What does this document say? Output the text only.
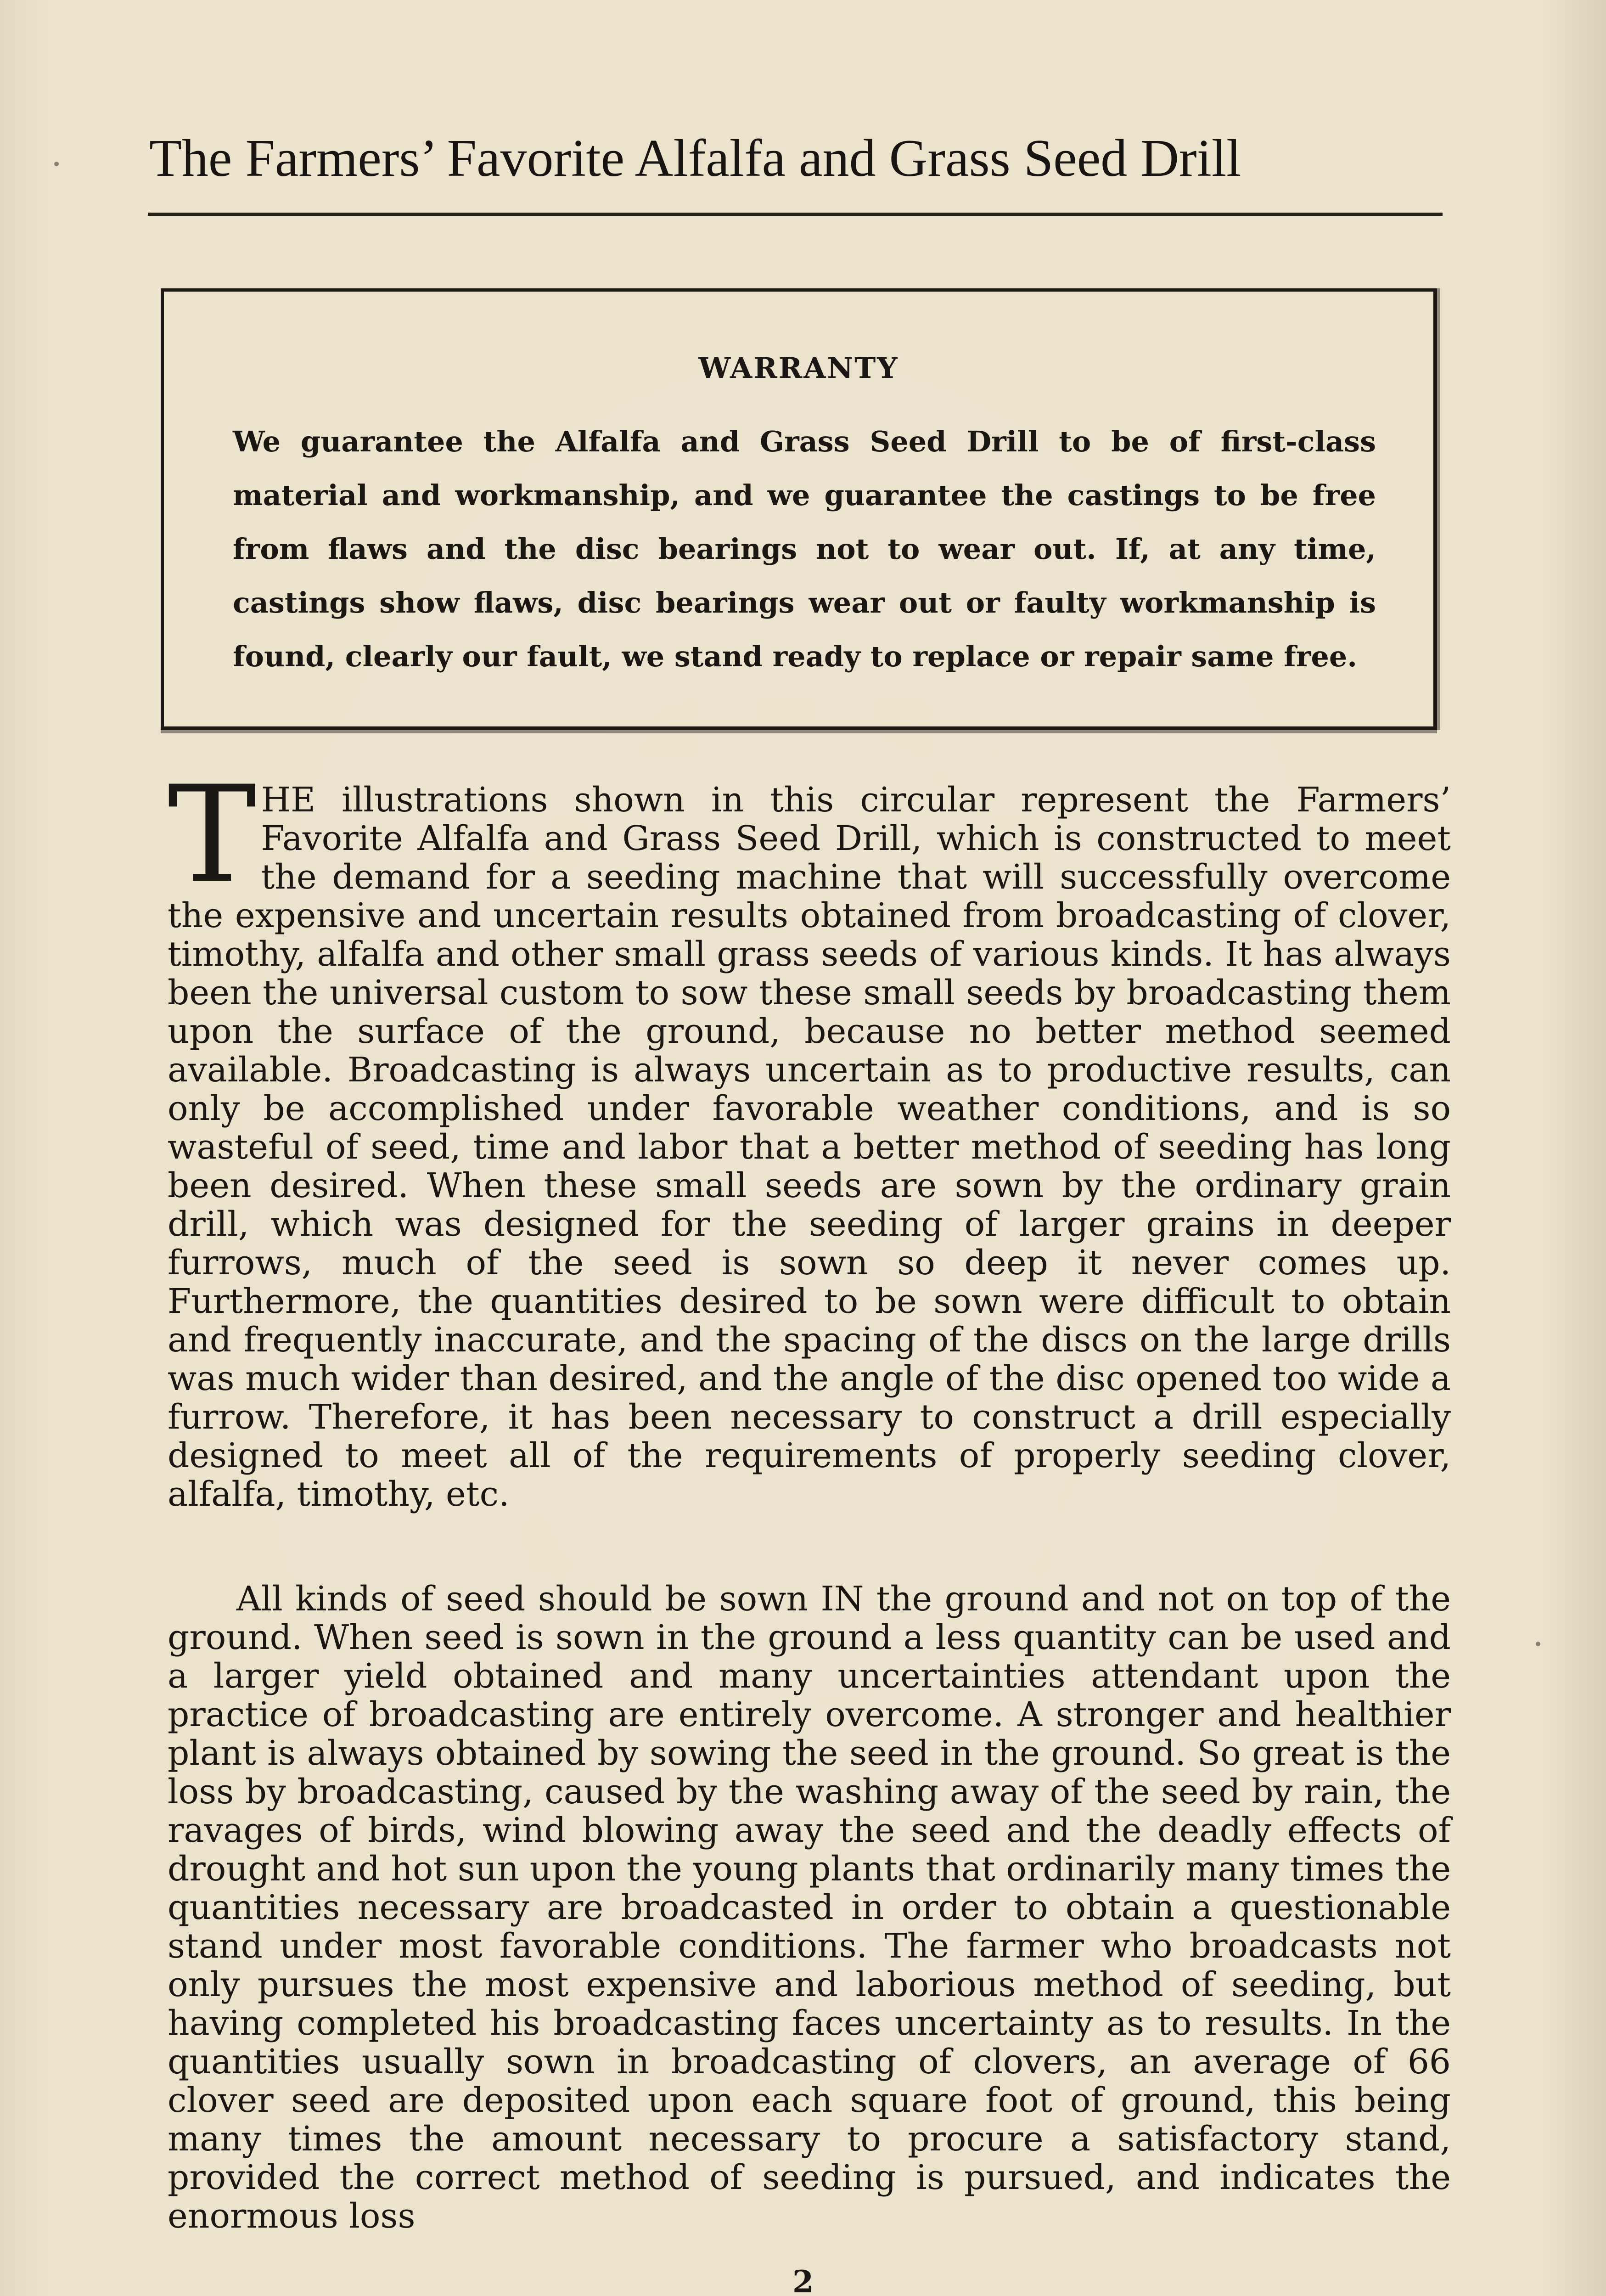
The Farmers’ Favorite Alfalfa and Grass Seed Drill
WARRANTY

We guarantee the Alfalfa and Grass Seed Drill to be of first-class material and workmanship, and we guarantee the castings to be free from flaws and the disc bearings not to wear out. If, at any time, castings show flaws, disc bearings wear out or faulty workmanship is found, clearly our fault, we stand ready to replace or repair same free.

THE illustrations shown in this circular represent the Farmers’ Favorite Alfalfa and Grass Seed Drill, which is constructed to meet the demand for a seeding machine that will successfully overcome the expensive and uncertain results obtained from broadcasting of clover, timothy, alfalfa and other small grass seeds of various kinds. It has always been the universal custom to sow these small seeds by broadcasting them upon the surface of the ground, because no better method seemed available. Broadcasting is always uncertain as to productive results, can only be accomplished under favorable weather conditions, and is so wasteful of seed, time and labor that a better method of seeding has long been desired. When these small seeds are sown by the ordinary grain drill, which was designed for the seeding of larger grains in deeper furrows, much of the seed is sown so deep it never comes up. Furthermore, the quantities desired to be sown were difficult to obtain and frequently inaccurate, and the spacing of the discs on the large drills was much wider than desired, and the angle of the disc opened too wide a furrow. Therefore, it has been necessary to construct a drill especially designed to meet all of the requirements of properly seeding clover, alfalfa, timothy, etc.

All kinds of seed should be sown IN the ground and not on top of the ground. When seed is sown in the ground a less quantity can be used and a larger yield obtained and many uncertainties attendant upon the practice of broadcasting are entirely overcome. A stronger and healthier plant is always obtained by sowing the seed in the ground. So great is the loss by broadcasting, caused by the washing away of the seed by rain, the ravages of birds, wind blowing away the seed and the deadly effects of drought and hot sun upon the young plants that ordinarily many times the quantities necessary are broadcasted in order to obtain a questionable stand under most favorable conditions. The farmer who broadcasts not only pursues the most expensive and laborious method of seeding, but having completed his broadcasting faces uncertainty as to results. In the quantities usually sown in broadcasting of clovers, an average of 66 clover seed are deposited upon each square foot of ground, this being many times the amount necessary to procure a satisfactory stand, provided the correct method of seeding is pursued, and indicates the enormous loss

2
